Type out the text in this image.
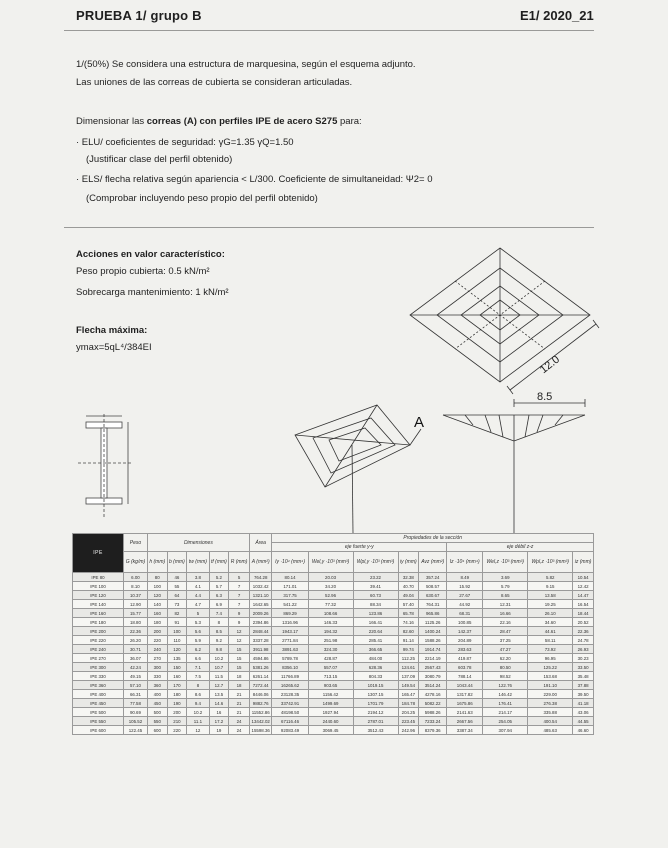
PRUEBA 1/ grupo B	E1/ 2020_21
1/(50%) Se considera una estructura de marquesina, según el esquema adjunto.
Las uniones de las correas de cubierta se consideran articuladas.
Dimensionar las correas (A) con perfiles IPE de acero S275 para:
· ELU/ coeficientes de seguridad: γG=1.35 γQ=1.50
(Justificar clase del perfil obtenido)
· ELS/ flecha relativa según apariencia < L/300. Coeficiente de simultaneidad: Ψ2= 0
(Comprobar incluyendo peso propio del perfil obtenido)
Acciones en valor característico:
Peso propio cubierta: 0.5 kN/m²
Sobrecarga mantenimiento: 1 kN/m²
Flecha máxima:
ymax=5qL⁴/384EI
12.0
A
8.5
IPE	Peso	Dimensiones					Área	Propiedades de la sección								
								eje fuerte y-y					eje débil z-z			
	G (kg/m)	h (mm)	b (mm)	tw (mm)	tf (mm)	R (mm)	A (mm²)	Iy ·10⁴ (mm⁴)	Wel,y ·10³ (mm³)	Wpl,y ·10³ (mm³)	iy (mm)	Avz (mm²)	Iz ·10⁴ (mm⁴)	Wel,z ·10³ (mm³)	Wpl,z ·10³ (mm³)	iz (mm)
IPE 80	6.00	80	46	3.8	5.2	5	764.28	80.14	20.03	23.22	32.38	357.24	8.49	3.69	5.82	10.54
IPE 100	8.10	100	55	4.1	5.7	7	1032.42	171.01	34.20	39.41	40.70	508.57	15.92	5.79	9.15	12.42
IPE 120	10.37	120	64	4.4	6.3	7	1321.10	317.75	52.96	60.73	49.04	630.67	27.67	8.65	13.58	14.47
IPE 140	12.90	140	73	4.7	6.9	7	1642.65	541.22	77.32	88.34	57.40	764.31	44.92	12.31	19.25	16.54
IPE 160	15.77	160	82	5	7.4	9	2009.26	869.29	108.66	123.86	65.78	965.86	68.31	16.66	26.10	18.44
IPE 180	18.80	180	91	5.3	8	9	2394.86	1316.96	146.33	166.41	74.16	1125.26	100.85	22.16	34.60	20.52
IPE 200	22.36	200	100	5.6	8.5	12	2848.44	1943.17	194.32	220.64	82.60	1400.24	142.37	28.47	44.61	22.36
IPE 220	26.20	220	110	5.9	9.2	12	3337.28	2771.84	251.98	285.41	91.14	1588.26	204.89	37.25	58.11	24.78
IPE 240	30.71	240	120	6.2	9.8	15	3911.98	3891.63	324.30	366.65	99.74	1914.74	283.63	47.27	73.92	26.93
IPE 270	36.07	270	135	6.6	10.2	15	4594.86	5789.78	428.87	484.00	112.25	2214.19	419.87	62.20	96.95	30.23
IPE 300	42.24	300	150	7.1	10.7	15	5381.26	8356.10	557.07	628.36	124.61	2567.43	603.78	80.50	125.22	33.50
IPE 330	49.15	330	160	7.5	11.5	18	6261.14	11766.89	713.15	804.33	137.09	3080.79	788.14	98.52	153.68	35.48
IPE 360	57.10	360	170	8	12.7	18	7272.44	16265.62	903.65	1019.15	149.54	3514.24	1043.44	122.76	191.10	37.88
IPE 400	66.31	400	180	8.6	13.5	21	8446.06	23128.35	1156.42	1307.15	165.47	4278.16	1317.82	146.42	229.00	39.50
IPE 450	77.58	450	190	9.4	14.6	21	9882.76	33742.91	1499.69	1701.79	184.78	5082.22	1675.86	176.41	276.38	41.18
IPE 500	90.69	500	200	10.2	16	21	11552.86	48198.50	1927.94	2194.12	204.25	5988.26	2141.63	214.17	335.88	43.06
IPE 550	105.52	550	210	11.1	17.2	24	13442.02	67116.46	2440.60	2787.01	223.45	7233.24	2667.56	254.05	400.54	44.55
IPE 600	122.45	600	220	12	19	24	15598.36	92083.49	3069.45	3512.43	242.96	8379.36	3387.34	307.94	485.63	46.60
